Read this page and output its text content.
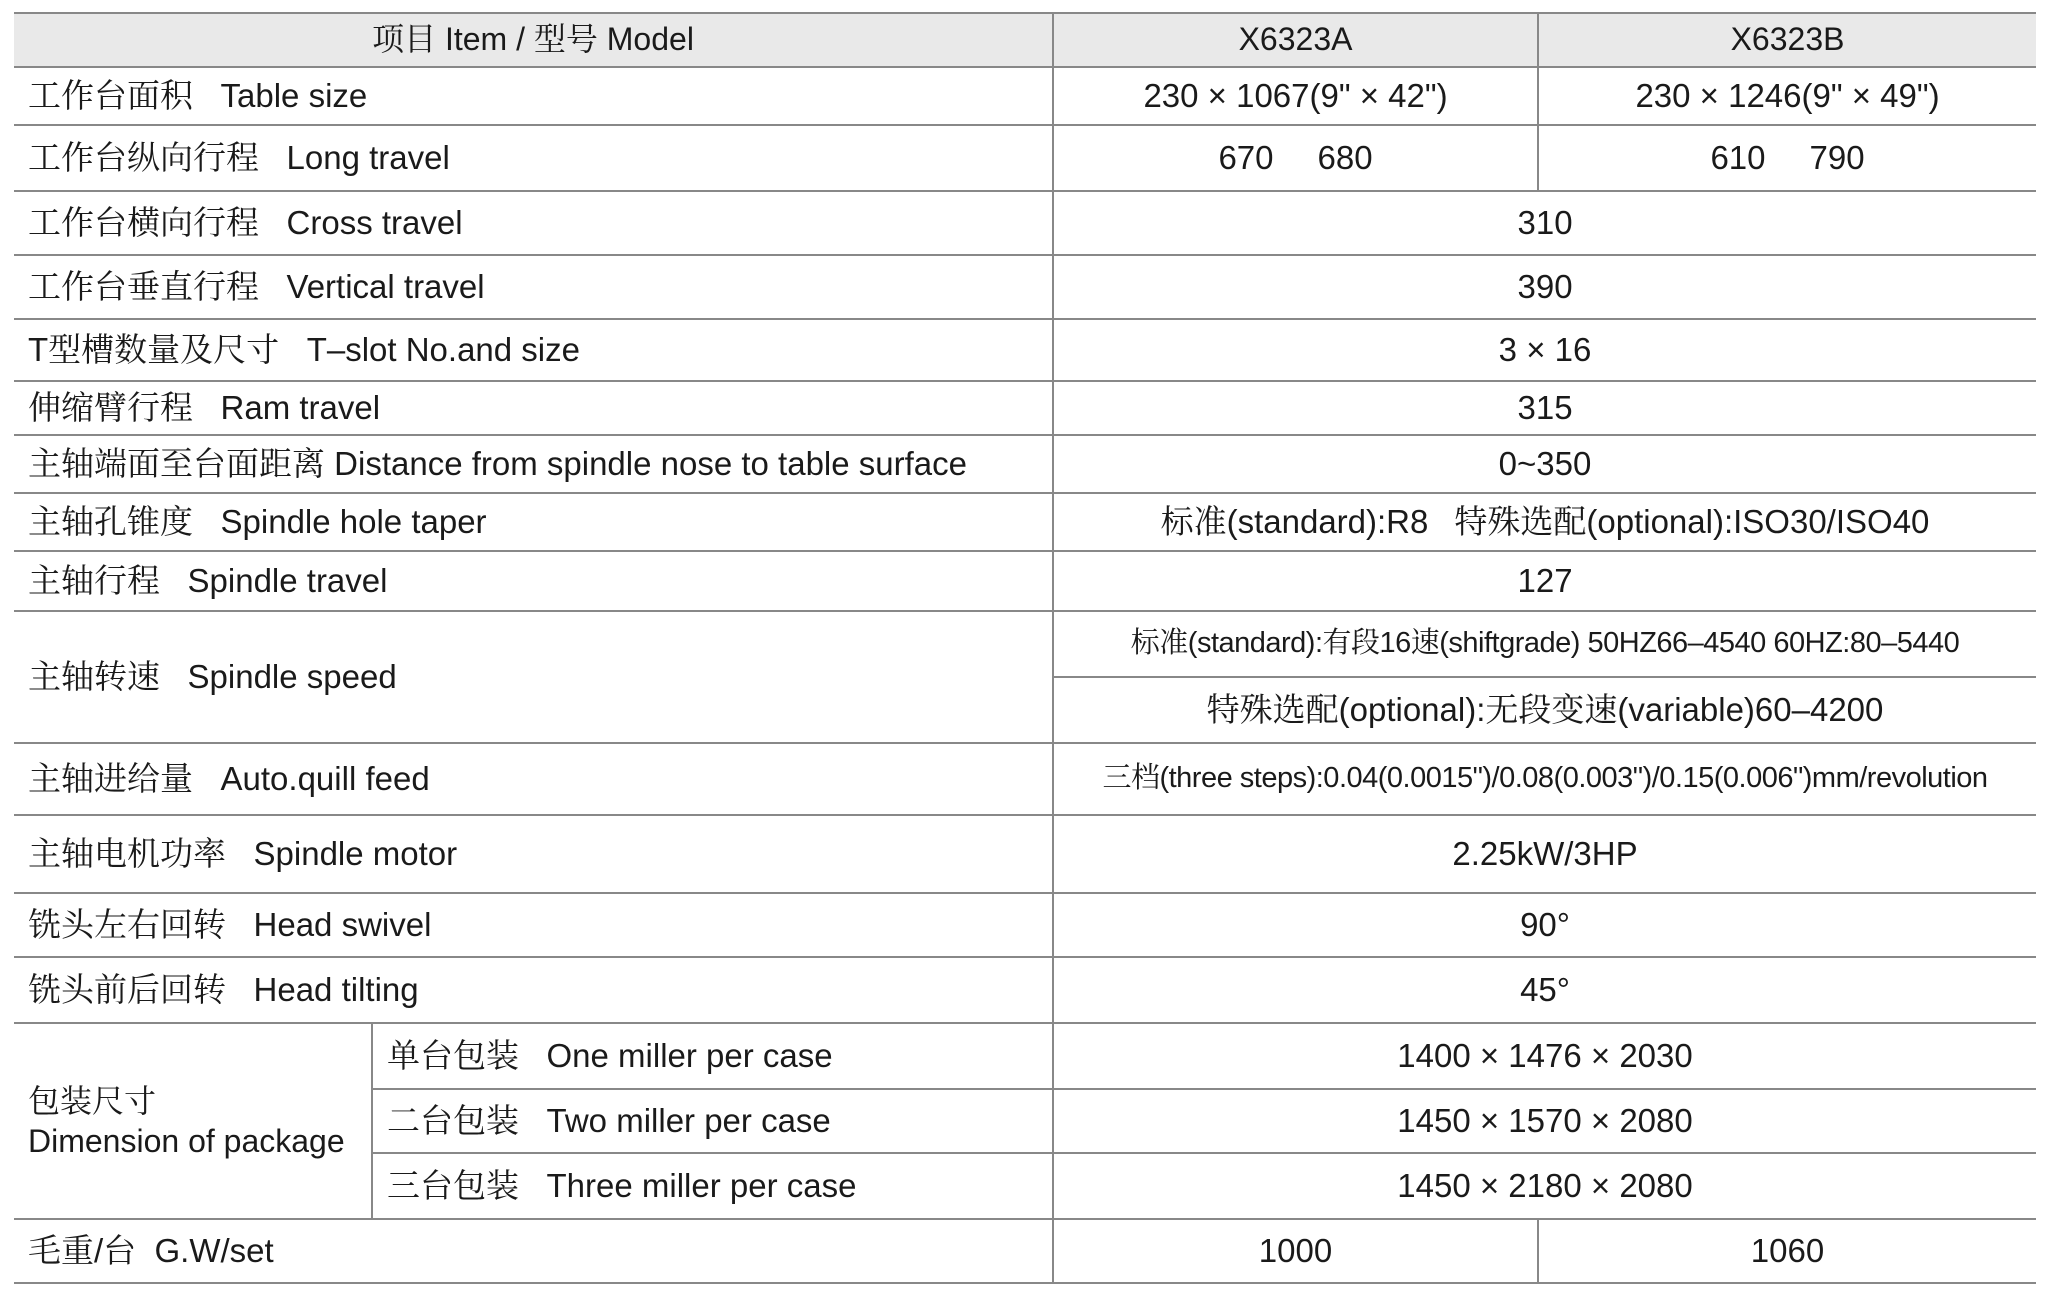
项目 Item / 型号 Model		X6323A	X6323B
工作台面积 Table size		230 × 1067(9" × 42")	230 × 1246(9" × 49")
工作台纵向行程 Long travel		670 680	610 790
工作台横向行程 Cross travel		310	
工作台垂直行程 Vertical travel		390	
T型槽数量及尺寸 T–slot No.and size		3 × 16	
伸缩臂行程 Ram travel		315	
主轴端面至台面距离 Distance from spindle nose to table surface		0~350	
主轴孔锥度 Spindle hole taper		标准(standard):R8 特殊选配(optional):ISO30/ISO40	
主轴行程 Spindle travel		127	
主轴转速 Spindle speed		标准(standard):有段16速(shiftgrade) 50HZ66–4540 60HZ:80–5440	
		特殊选配(optional):无段变速(variable)60–4200	
主轴进给量 Auto.quill feed		三档(three steps):0.04(0.0015")/0.08(0.003")/0.15(0.006")mm/revolution	
主轴电机功率 Spindle motor		2.25kW/3HP	
铣头左右回转 Head swivel		90°	
铣头前后回转 Head tilting		45°	

包装尺寸
Dimension of package	单台包装 One miller per case	1400 × 1476 × 2030	
	二台包装 Two miller per case	1450 × 1570 × 2080	
	三台包装 Three miller per case	1450 × 2180 × 2080	
毛重/台 G.W/set		1000	1060
